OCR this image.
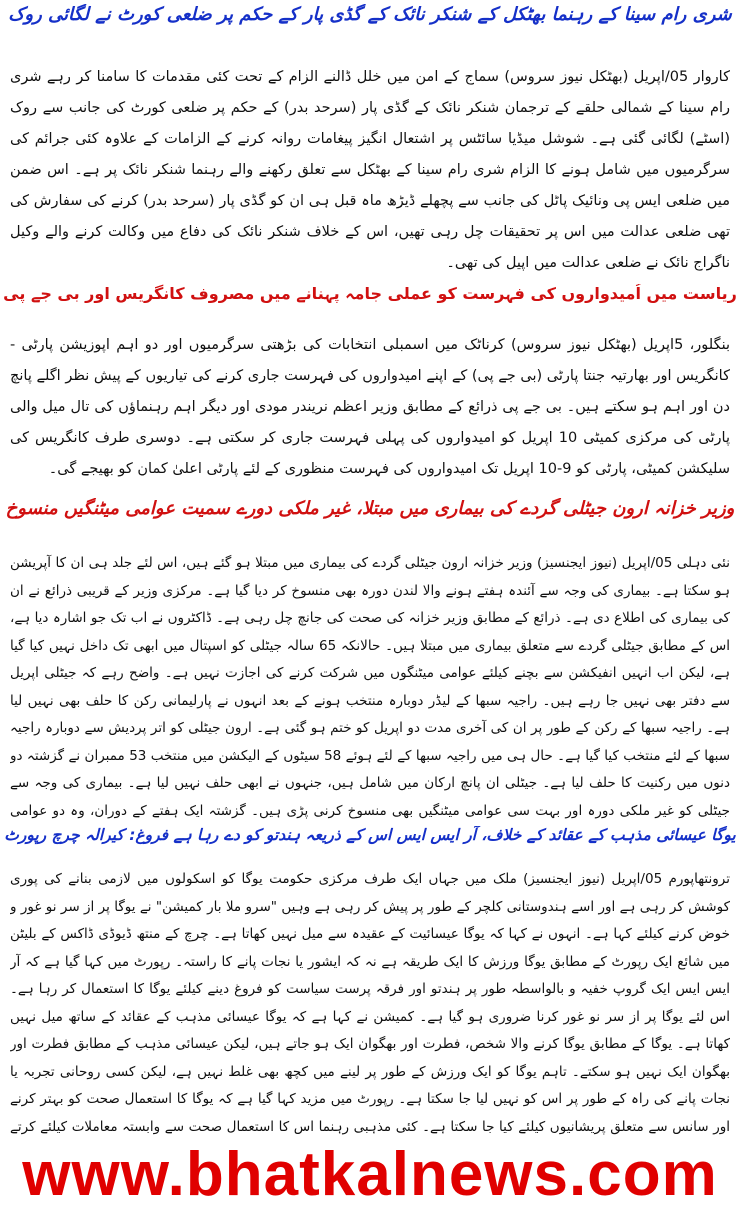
شری رام سینا کے رہنما بھٹکل کے شنکر نائک کے گڈی پار کے حکم پر ضلعی کورٹ نے لگائی روک

کاروار 05/اپریل (بھٹکل نیوز سروس) سماج کے امن میں خلل ڈالنے الزام کے تحت کئی مقدمات کا سامنا کر رہے شری رام سینا کے شمالی حلقے کے ترجمان شنکر نائک کے گڈی پار (سرحد بدر) کے حکم پر ضلعی کورٹ کی جانب سے روک (اسٹے) لگائی گئی ہے۔ شوشل میڈیا سائٹس پر اشتعال انگیز پیغامات روانہ کرنے کے الزامات کے علاوہ کئی جرائم کی سرگرمیوں میں شامل ہونے کا الزام شری رام سینا کے بھٹکل سے تعلق رکھنے والے رہنما شنکر نائک پر ہے۔ اس ضمن میں ضلعی ایس پی ونائیک پاٹل کی جانب سے پچھلے ڈیڑھ ماہ قبل ہی ان کو گڈی پار (سرحد بدر) کرنے کی سفارش کی تھی ضلعی عدالت میں اس پر تحقیقات چل رہی تھیں، اس کے خلاف شنکر نائک کی دفاع میں وکالت کرنے والے وکیل ناگراج نائک نے ضلعی عدالت میں اپیل کی تھی۔

ریاست میں اُمیدواروں کی فہرست کو عملی جامہ پہنانے میں مصروف کانگریس اور بی جے پی

بنگلور، 5اپریل (بھٹکل نیوز سروس) کرناٹک میں اسمبلی انتخابات کی بڑھتی سرگرمیوں اور دو اہم اپوزیشن پارٹی - کانگریس اور بھارتیہ جنتا پارٹی (بی جے پی) کے اپنے امیدواروں کی فہرست جاری کرنے کی تیاریوں کے پیش نظر اگلے پانچ دن اور اہم ہو سکتے ہیں۔ بی جے پی ذرائع کے مطابق وزیر اعظم نریندر مودی اور دیگر اہم رہنماؤں کی تال میل والی پارٹی کی مرکزی کمیٹی 10 اپریل کو امیدواروں کی پہلی فہرست جاری کر سکتی ہے۔ دوسری طرف کانگریس کی سلیکشن کمیٹی، پارٹی کو 9-10 اپریل تک امیدواروں کی فہرست منظوری کے لئے پارٹی اعلیٰ کمان کو بھیجے گی۔

وزیر خزانہ ارون جیٹلی گردے کی بیماری میں مبتلا، غیر ملکی دورے سمیت عوامی میٹنگیں منسوخ

نئی دہلی 05/اپریل (نیوز ایجنسیز) وزیر خزانہ ارون جیٹلی گردے کی بیماری میں مبتلا ہو گئے ہیں، اس لئے جلد ہی ان کا آپریشن ہو سکتا ہے۔ بیماری کی وجہ سے آئندہ ہفتے ہونے والا لندن دورہ بھی منسوخ کر دیا گیا ہے۔ مرکزی وزیر کے قریبی ذرائع نے ان کی بیماری کی اطلاع دی ہے۔ ذرائع کے مطابق وزیر خزانہ کی صحت کی جانچ چل رہی ہے۔ ڈاکٹروں نے اب تک جو اشارہ دیا ہے، اس کے مطابق جیٹلی گردے سے متعلق بیماری میں مبتلا ہیں۔ حالانکہ 65 سالہ جیٹلی کو اسپتال میں ابھی تک داخل نہیں کیا گیا ہے، لیکن اب انہیں انفیکشن سے بچنے کیلئے عوامی میٹنگوں میں شرکت کرنے کی اجازت نہیں ہے۔ واضح رہے کہ جیٹلی اپریل سے دفتر بھی نہیں جا رہے ہیں۔ راجیہ سبھا کے لیڈر دوبارہ منتخب ہونے کے بعد انہوں نے پارلیمانی رکن کا حلف بھی نہیں لیا ہے۔ راجیہ سبھا کے رکن کے طور پر ان کی آخری مدت دو اپریل کو ختم ہو گئی ہے۔ ارون جیٹلی کو اتر پردیش سے دوبارہ راجیہ سبھا کے لئے منتخب کیا گیا ہے۔ حال ہی میں راجیہ سبھا کے لئے ہوئے 58 سیٹوں کے الیکشن میں منتخب 53 ممبران نے گزشتہ دو دنوں میں رکنیت کا حلف لیا ہے۔ جیٹلی ان پانچ ارکان میں شامل ہیں، جنہوں نے ابھی حلف نہیں لیا ہے۔ بیماری کی وجہ سے جیٹلی کو غیر ملکی دورہ اور بہت سی عوامی میٹنگیں بھی منسوخ کرنی پڑی ہیں۔ گزشتہ ایک ہفتے کے دوران، وہ دو عوامی

یوگا عیسائی مذہب کے عقائد کے خلاف، آر ایس ایس اس کے ذریعہ ہندتو کو دے رہا ہے فروغ: کیرالہ چرچ رپورٹ

ترونتھاپورم 05/اپریل (نیوز ایجنسیز) ملک میں جہاں ایک طرف مرکزی حکومت یوگا کو اسکولوں میں لازمی بنانے کی پوری کوشش کر رہی ہے اور اسے ہندوستانی کلچر کے طور پر پیش کر رہی ہے وہیں "سرو ملا بار کمیشن" نے یوگا پر از سر نو غور و خوض کرنے کیلئے کہا ہے۔ انہوں نے کہا کہ یوگا عیسائیت کے عقیدہ سے میل نہیں کھاتا ہے۔ چرچ کے منتھ ڈیوڈی ڈاکس کے بلیٹن میں شائع ایک رپورٹ کے مطابق یوگا ورزش کا ایک طریقہ ہے نہ کہ ایشور یا نجات پانے کا راستہ۔ رپورٹ میں کہا گیا ہے کہ آر ایس ایس ایک گروپ خفیہ و بالواسطہ طور پر ہندتو اور فرقہ پرست سیاست کو فروغ دینے کیلئے یوگا کا استعمال کر رہا ہے۔ اس لئے یوگا پر از سر نو غور کرنا ضروری ہو گیا ہے۔ کمیشن نے کہا ہے کہ یوگا عیسائی مذہب کے عقائد کے ساتھ میل نہیں کھاتا ہے۔ یوگا کے مطابق یوگا کرنے والا شخص، فطرت اور بھگوان ایک ہو جاتے ہیں، لیکن عیسائی مذہب کے مطابق فطرت اور بھگوان ایک نہیں ہو سکتے۔ تاہم یوگا کو ایک ورزش کے طور پر لینے میں کچھ بھی غلط نہیں ہے، لیکن کسی روحانی تجربہ یا نجات پانے کی راہ کے طور پر اس کو نہیں لیا جا سکتا ہے۔ رپورٹ میں مزید کہا گیا ہے کہ یوگا کا استعمال صحت کو بہتر کرنے اور سانس سے متعلق پریشانیوں کیلئے کیا جا سکتا ہے۔ کئی مذہبی رہنما اس کا استعمال صحت سے وابستہ معاملات کیلئے کرتے

www.bhatkalnews.com
